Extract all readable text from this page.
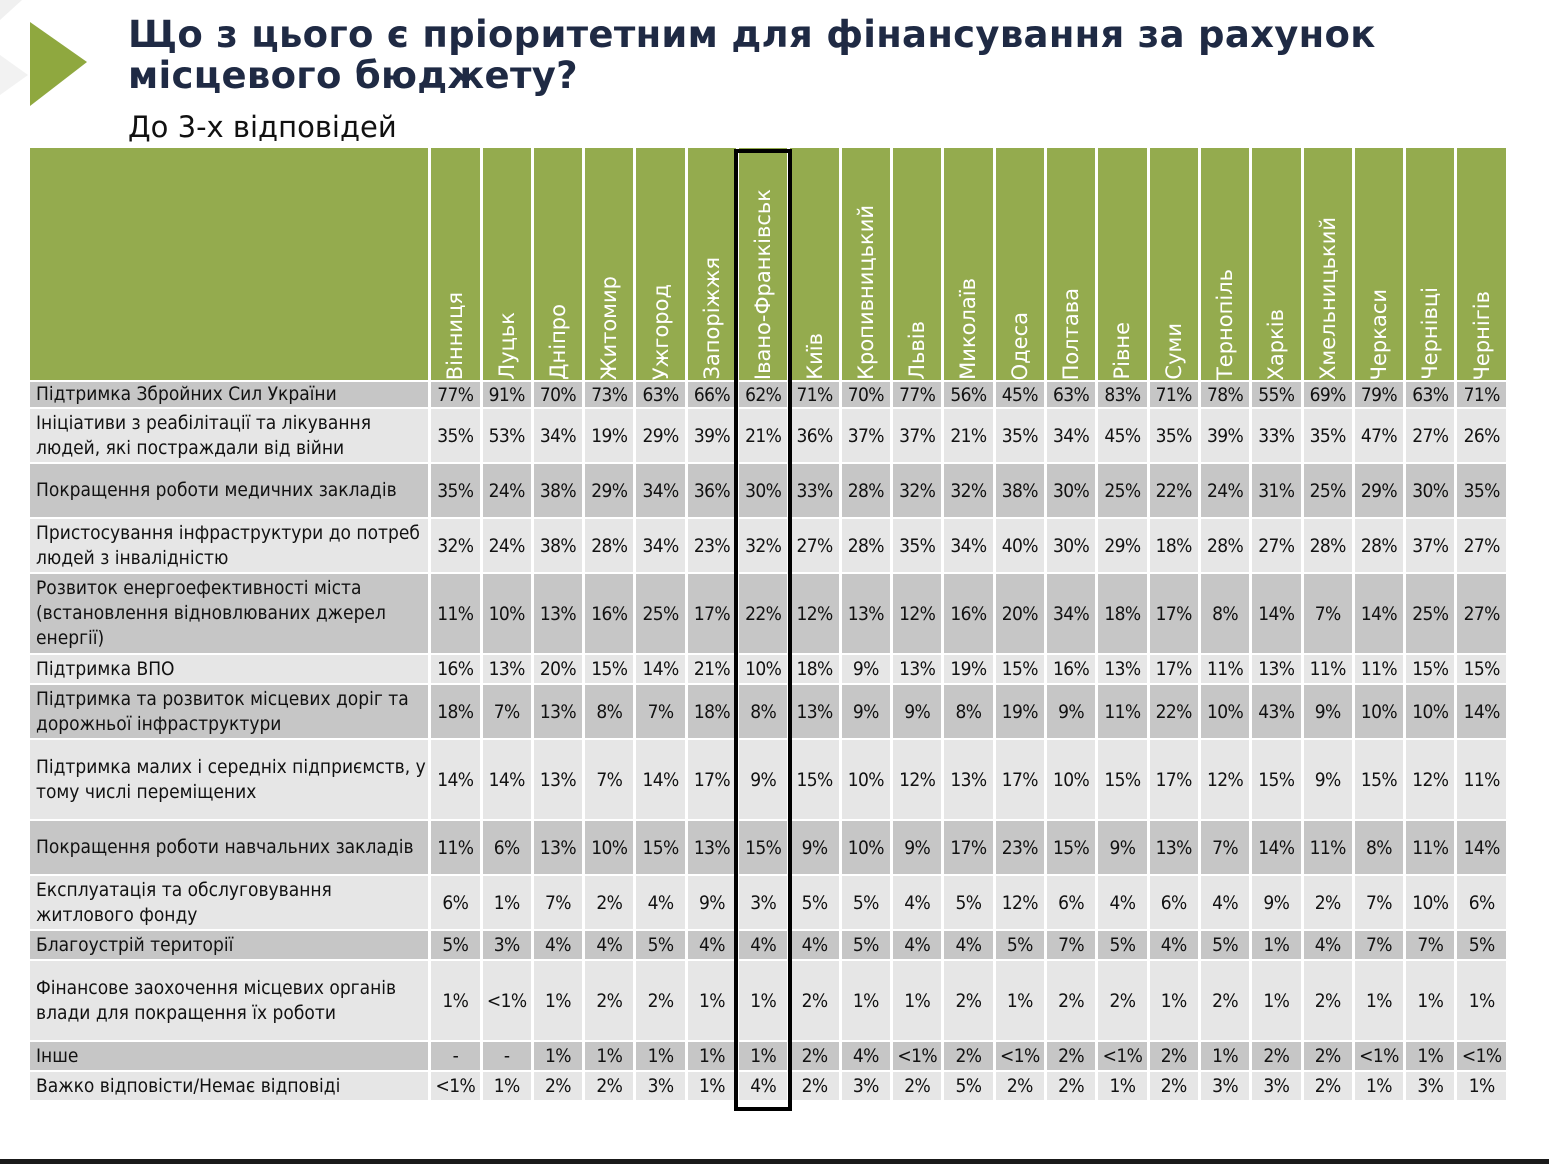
Що з цього є пріоритетним для фінансування за рахунок місцевого бюджету?
До 3-х відповідей

	Вінниця	Луцьк	Дніпро	Житомир	Ужгород	Запоріжжя	Івано-Франківськ	Київ	Кропивницький	Львів	Миколаїв	Одеса	Полтава	Рівне	Суми	Тернопіль	Харків	Хмельницький	Черкаси	Чернівці	Чернігів

Підтримка Збройних Сил України	77%	91%	70%	73%	63%	66%	62%	71%	70%	77%	56%	45%	63%	83%	71%	78%	55%	69%	79%	63%	71%
Ініціативи з реабілітації та лікування людей, які постраждали від війни	35%	53%	34%	19%	29%	39%	21%	36%	37%	37%	21%	35%	34%	45%	35%	39%	33%	35%	47%	27%	26%
Покращення роботи медичних закладів	35%	24%	38%	29%	34%	36%	30%	33%	28%	32%	32%	38%	30%	25%	22%	24%	31%	25%	29%	30%	35%
Пристосування інфраструктури до потреб людей з інвалідністю	32%	24%	38%	28%	34%	23%	32%	27%	28%	35%	34%	40%	30%	29%	18%	28%	27%	28%	28%	37%	27%
Розвиток енергоефективності міста (встановлення відновлюваних джерел енергії)	11%	10%	13%	16%	25%	17%	22%	12%	13%	12%	16%	20%	34%	18%	17%	8%	14%	7%	14%	25%	27%
Підтримка ВПО	16%	13%	20%	15%	14%	21%	10%	18%	9%	13%	19%	15%	16%	13%	17%	11%	13%	11%	11%	15%	15%
Підтримка та розвиток місцевих доріг та дорожньої інфраструктури	18%	7%	13%	8%	7%	18%	8%	13%	9%	9%	8%	19%	9%	11%	22%	10%	43%	9%	10%	10%	14%
Підтримка малих і середніх підприємств, у тому числі переміщених	14%	14%	13%	7%	14%	17%	9%	15%	10%	12%	13%	17%	10%	15%	17%	12%	15%	9%	15%	12%	11%
Покращення роботи навчальних закладів	11%	6%	13%	10%	15%	13%	15%	9%	10%	9%	17%	23%	15%	9%	13%	7%	14%	11%	8%	11%	14%
Експлуатація та обслуговування житлового фонду	6%	1%	7%	2%	4%	9%	3%	5%	5%	4%	5%	12%	6%	4%	6%	4%	9%	2%	7%	10%	6%
Благоустрій території	5%	3%	4%	4%	5%	4%	4%	4%	5%	4%	4%	5%	7%	5%	4%	5%	1%	4%	7%	7%	5%
Фінансове заохочення місцевих органів влади для покращення їх роботи	1%	<1%	1%	2%	2%	1%	1%	2%	1%	1%	2%	1%	2%	2%	1%	2%	1%	2%	1%	1%	1%
Інше	-	-	1%	1%	1%	1%	1%	2%	4%	<1%	2%	<1%	2%	<1%	2%	1%	2%	2%	<1%	1%	<1%
Важко відповісти/Немає відповіді	<1%	1%	2%	2%	3%	1%	4%	2%	3%	2%	5%	2%	2%	1%	2%	3%	3%	2%	1%	3%	1%
